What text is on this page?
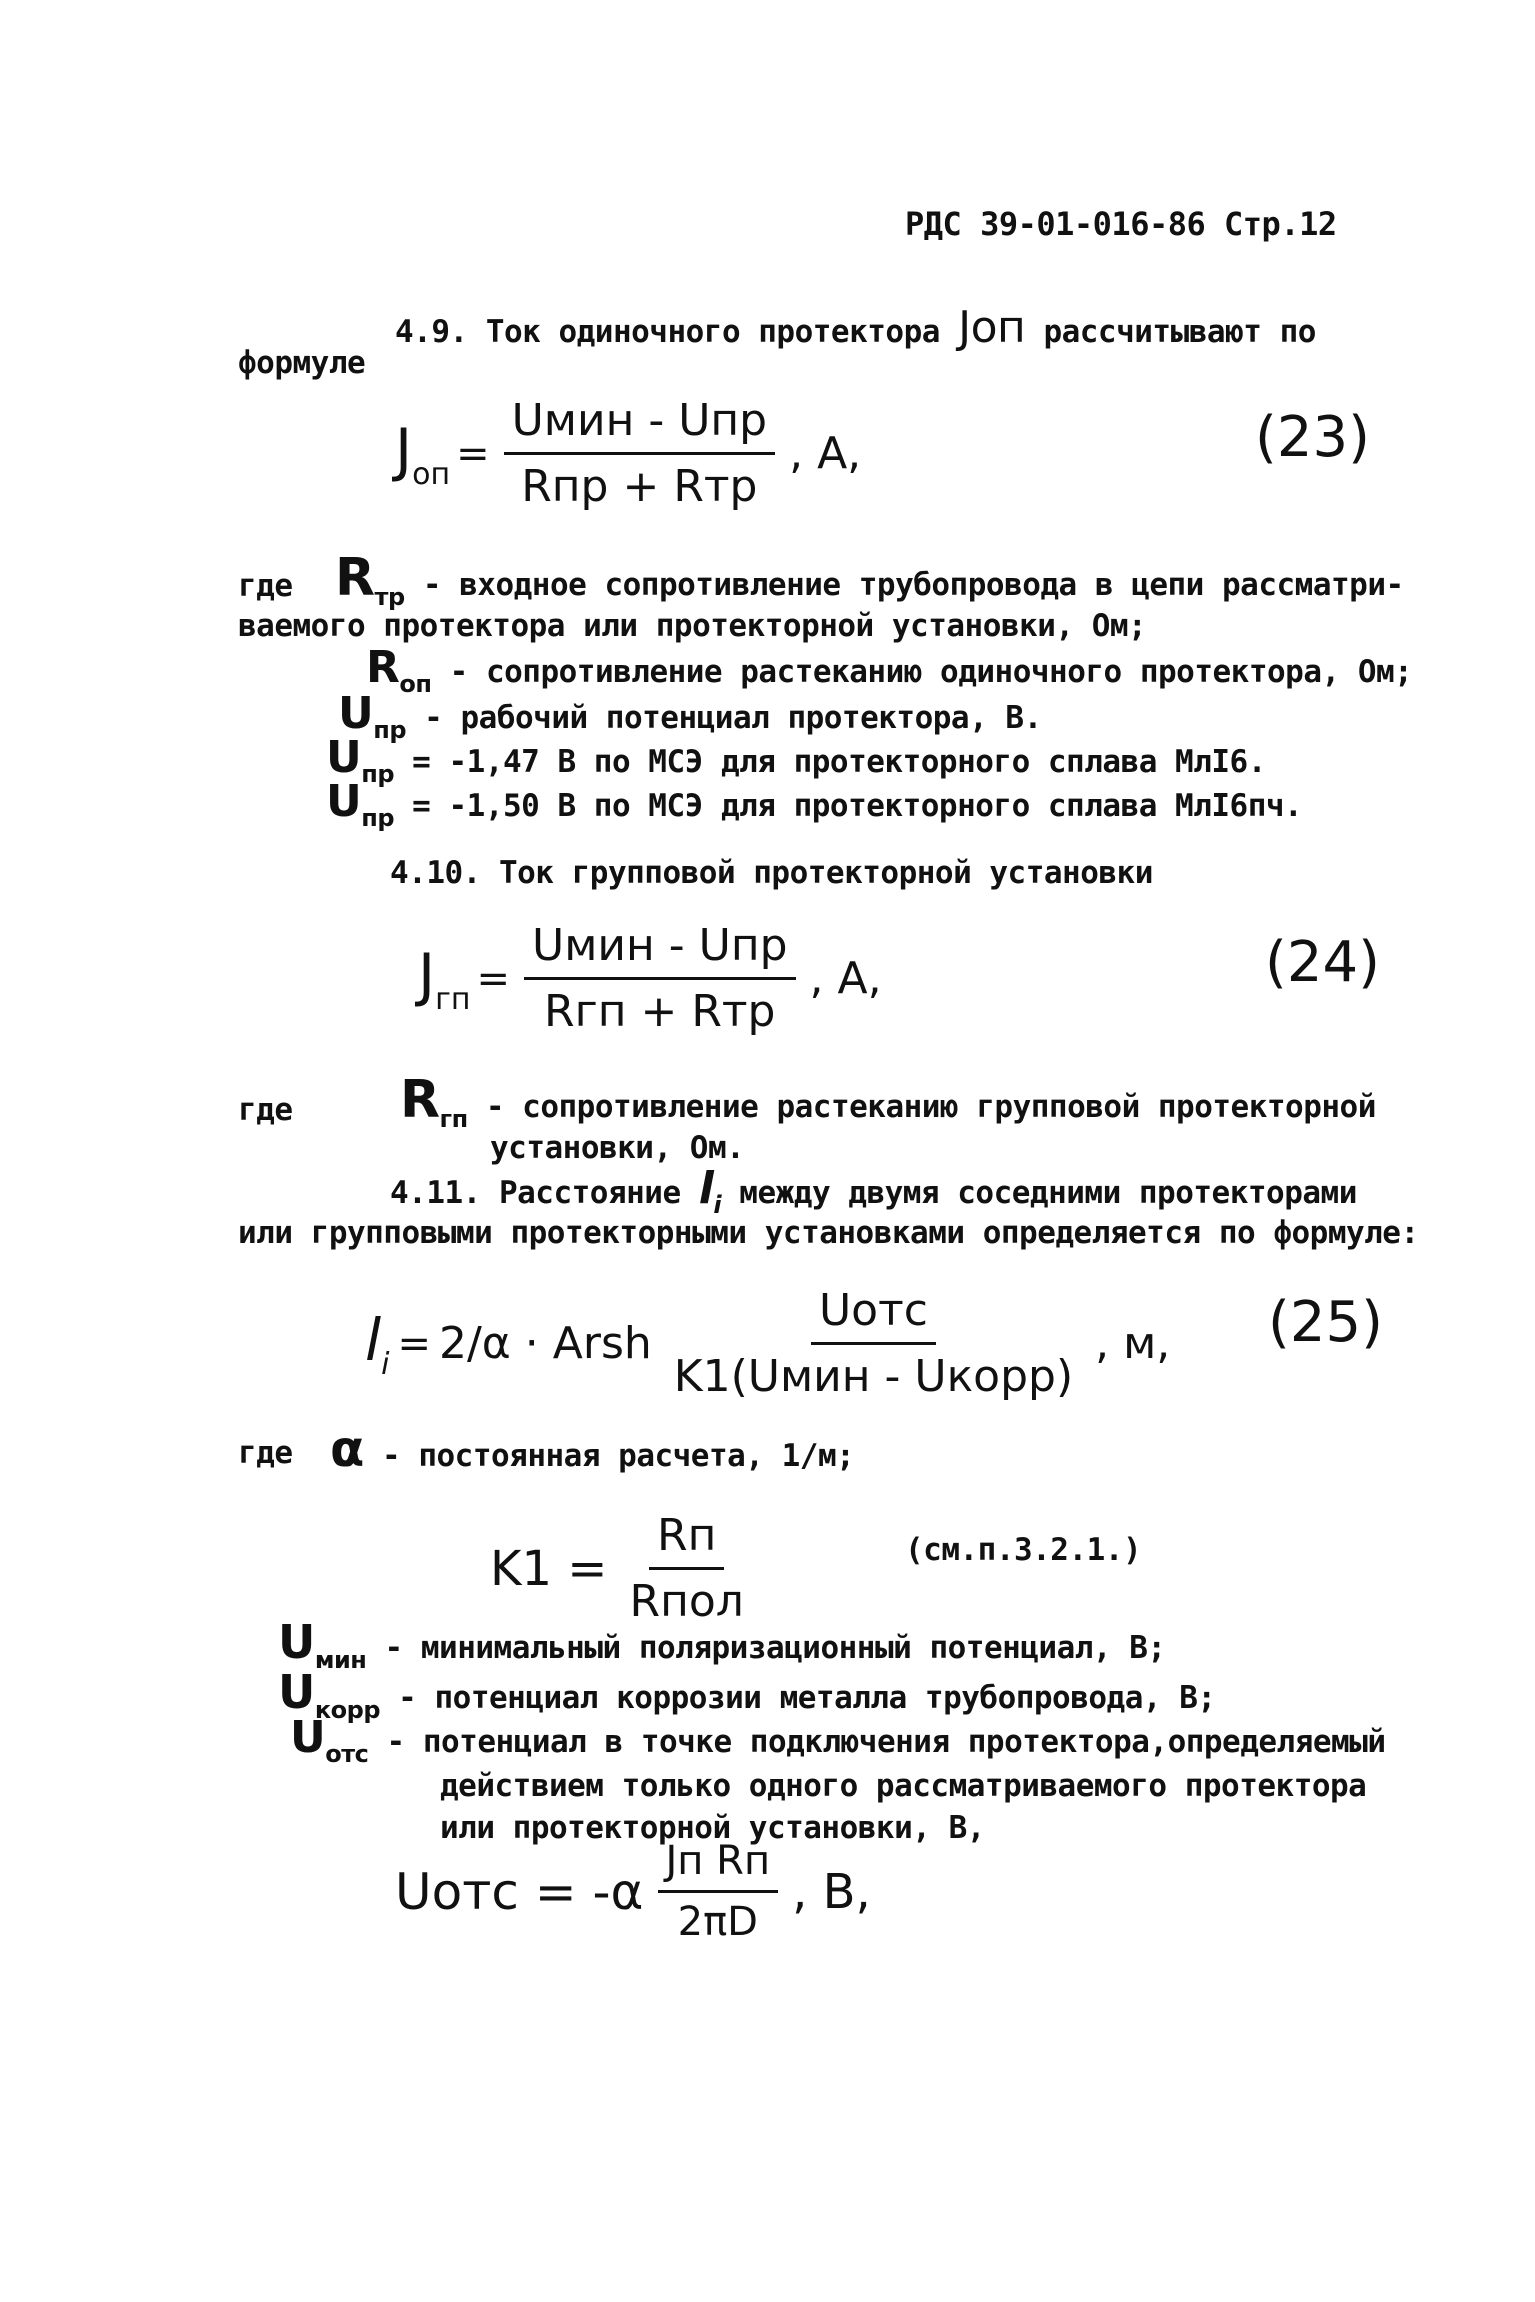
РДС 39-01-016-86 Стр.12
4.9. Ток одиночного протектора Jоп рассчитывают по
формуле
$J_{оп} = \frac{\text{Uмин - Uпр}}{\text{Rпр + Rтр}}$ , A,	(23)
где $R_{тр}$ - входное сопротивление трубопровода в цепи рассматри-
ваемого протектора или протекторной установки, Ом;
$R_{оп}$ - сопротивление растеканию одиночного протектора, Ом;
$U_{пр}$ - рабочий потенциал протектора, В.
$U_{пр} = -1,47$ В по МСЭ для протекторного сплава МлI6.
$U_{пр} = -1,50$ В по МСЭ для протекторного сплава МлI6пч.
4.10. Ток групповой протекторной установки
$J_{гп} = \frac{\text{Uмин - Uпр}}{\text{Rгп + Rтр}}$ , A,	(24)
где $R_{гп}$ - сопротивление растеканию групповой протекторной
установки, Ом.
4.11. Расстояние $l_i$ между двумя соседними протекторами
или групповыми протекторными установками определяется по формуле:
$l_i = 2/\alpha$ · Arsh $\frac{\text{Uотс}}{\text{K1(Uмин - Uкорр)}}$ , м, (25)
где α - постоянная расчета, 1/м;
$K1 = \frac{Rп}{\text{Rпол}}$	(см.п.3.2.1.)
$U_{мин}$ - минимальный поляризационный потенциал, В;
$U_{корр}$ - потенциал коррозии металла трубопровода, В;
$U_{отс}$ - потенциал в точке подключения протектора,определяемый
действием только одного рассматриваемого протектора
или протекторной установки, В,
Uотс = $-\alpha \frac{\text{Jп Rп}}{2\pi D}$ , В,
